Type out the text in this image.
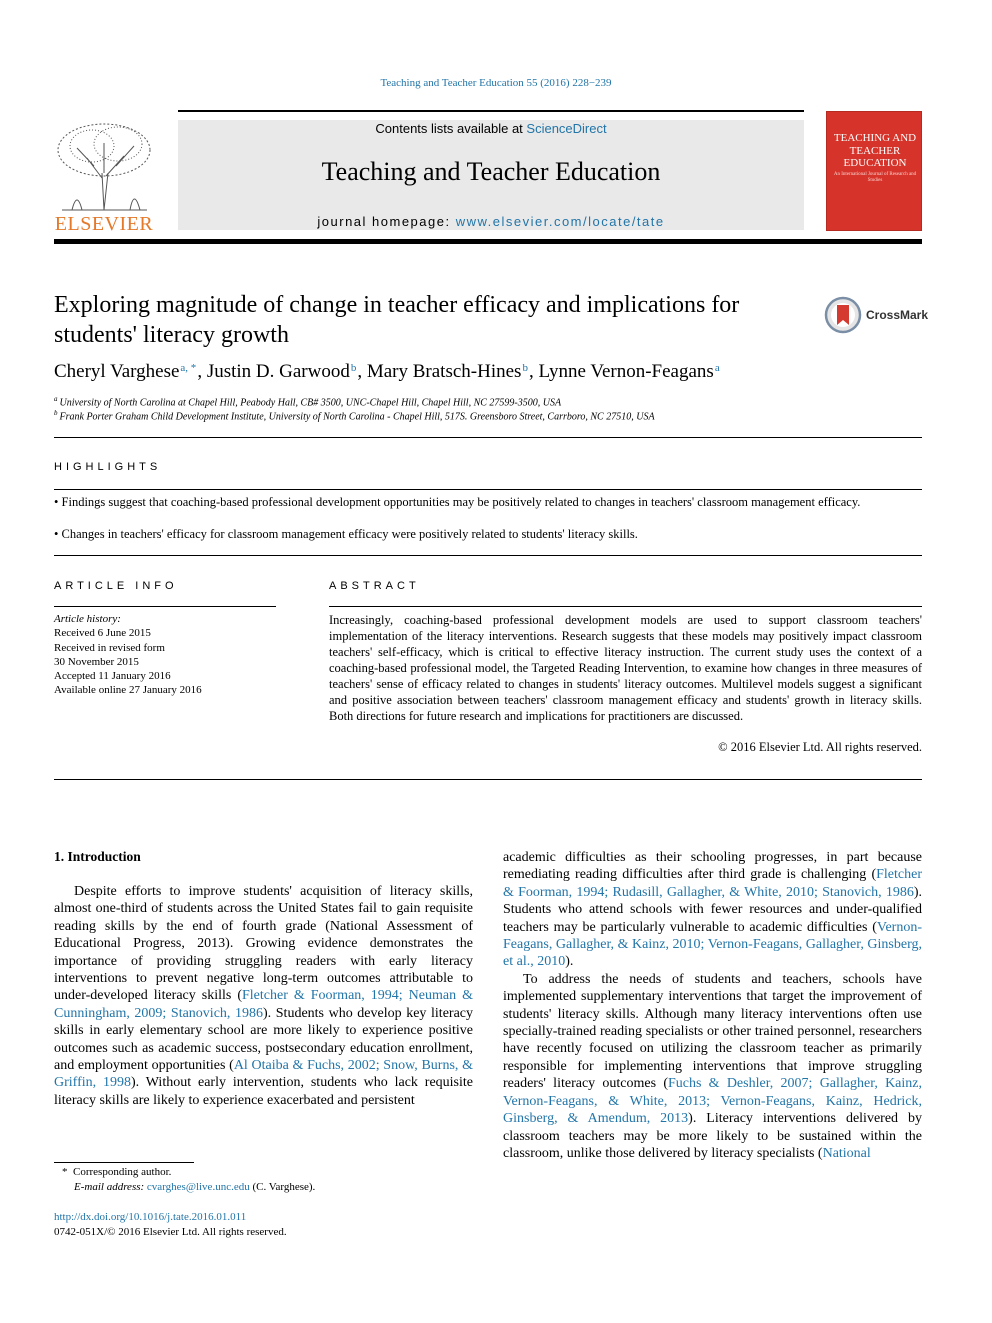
Teaching and Teacher Education 55 (2016) 228−239
ELSEVIER
Contents lists available at ScienceDirect
Teaching and Teacher Education
journal homepage: www.elsevier.com/locate/tate
TEACHING AND TEACHER EDUCATION
An International Journal of Research and Studies
Exploring magnitude of change in teacher efficacy and implications for students' literacy growth
CrossMark
Cheryl Varghese$^{a, *}$, Justin D. Garwood$^b$, Mary Bratsch-Hines$^b$, Lynne Vernon-Feagans$^a$
$^a$ University of North Carolina at Chapel Hill, Peabody Hall, CB# 3500, UNC-Chapel Hill, Chapel Hill, NC 27599-3500, USA
$^b$ Frank Porter Graham Child Development Institute, University of North Carolina - Chapel Hill, 517S. Greensboro Street, Carrboro, NC 27510, USA
HIGHLIGHTS
• Findings suggest that coaching-based professional development opportunities may be positively related to changes in teachers' classroom management efficacy.
• Changes in teachers' efficacy for classroom management efficacy were positively related to students' literacy skills.
ARTICLE INFO	ABSTRACT
Article history:
Received 6 June 2015
Received in revised form
30 November 2015
Accepted 11 January 2016
Available online 27 January 2016
Increasingly, coaching-based professional development models are used to support classroom teachers' implementation of the literacy interventions. Research suggests that these models may positively impact classroom teachers' self-efficacy, which is critical to effective literacy instruction. The current study uses the context of a coaching-based professional model, the Targeted Reading Intervention, to examine how changes in three measures of teachers' sense of efficacy related to changes in students' literacy outcomes. Multilevel models suggest a significant and positive association between teachers' classroom management efficacy and students' growth in literacy skills. Both directions for future research and implications for practitioners are discussed.
© 2016 Elsevier Ltd. All rights reserved.
1. Introduction

Despite efforts to improve students' acquisition of literacy skills, almost one-third of students across the United States fail to gain requisite reading skills by the end of fourth grade (National Assessment of Educational Progress, 2013). Growing evidence demonstrates the importance of providing struggling readers with early literacy interventions to prevent negative long-term outcomes attributable to under-developed literacy skills (Fletcher & Foorman, 1994; Neuman & Cunningham, 2009; Stanovich, 1986). Students who develop key literacy skills in early elementary school are more likely to experience positive outcomes such as academic success, postsecondary education enrollment, and employment opportunities (Al Otaiba & Fuchs, 2002; Snow, Burns, & Griffin, 1998). Without early intervention, students who lack requisite literacy skills are likely to experience exacerbated and persistent

academic difficulties as their schooling progresses, in part because remediating reading difficulties after third grade is challenging (Fletcher & Foorman, 1994; Rudasill, Gallagher, & White, 2010; Stanovich, 1986). Students who attend schools with fewer resources and under-qualified teachers may be particularly vulnerable to academic difficulties (Vernon-Feagans, Gallagher, & Kainz, 2010; Vernon-Feagans, Gallagher, Ginsberg, et al., 2010).

To address the needs of students and teachers, schools have implemented supplementary interventions that target the improvement of students' literacy skills. Although many literacy interventions often use specially-trained reading specialists or other trained personnel, researchers have recently focused on utilizing the classroom teacher as primarily responsible for implementing interventions that improve struggling readers' literacy outcomes (Fuchs & Deshler, 2007; Gallagher, Kainz, Vernon-Feagans, & White, 2013; Vernon-Feagans, Kainz, Hedrick, Ginsberg, & Amendum, 2013). Literacy interventions delivered by classroom teachers may be more likely to be sustained within the classroom, unlike those delivered by literacy specialists (National

* Corresponding author.
E-mail address: cvarghes@live.unc.edu (C. Varghese).
http://dx.doi.org/10.1016/j.tate.2016.01.011
0742-051X/© 2016 Elsevier Ltd. All rights reserved.
